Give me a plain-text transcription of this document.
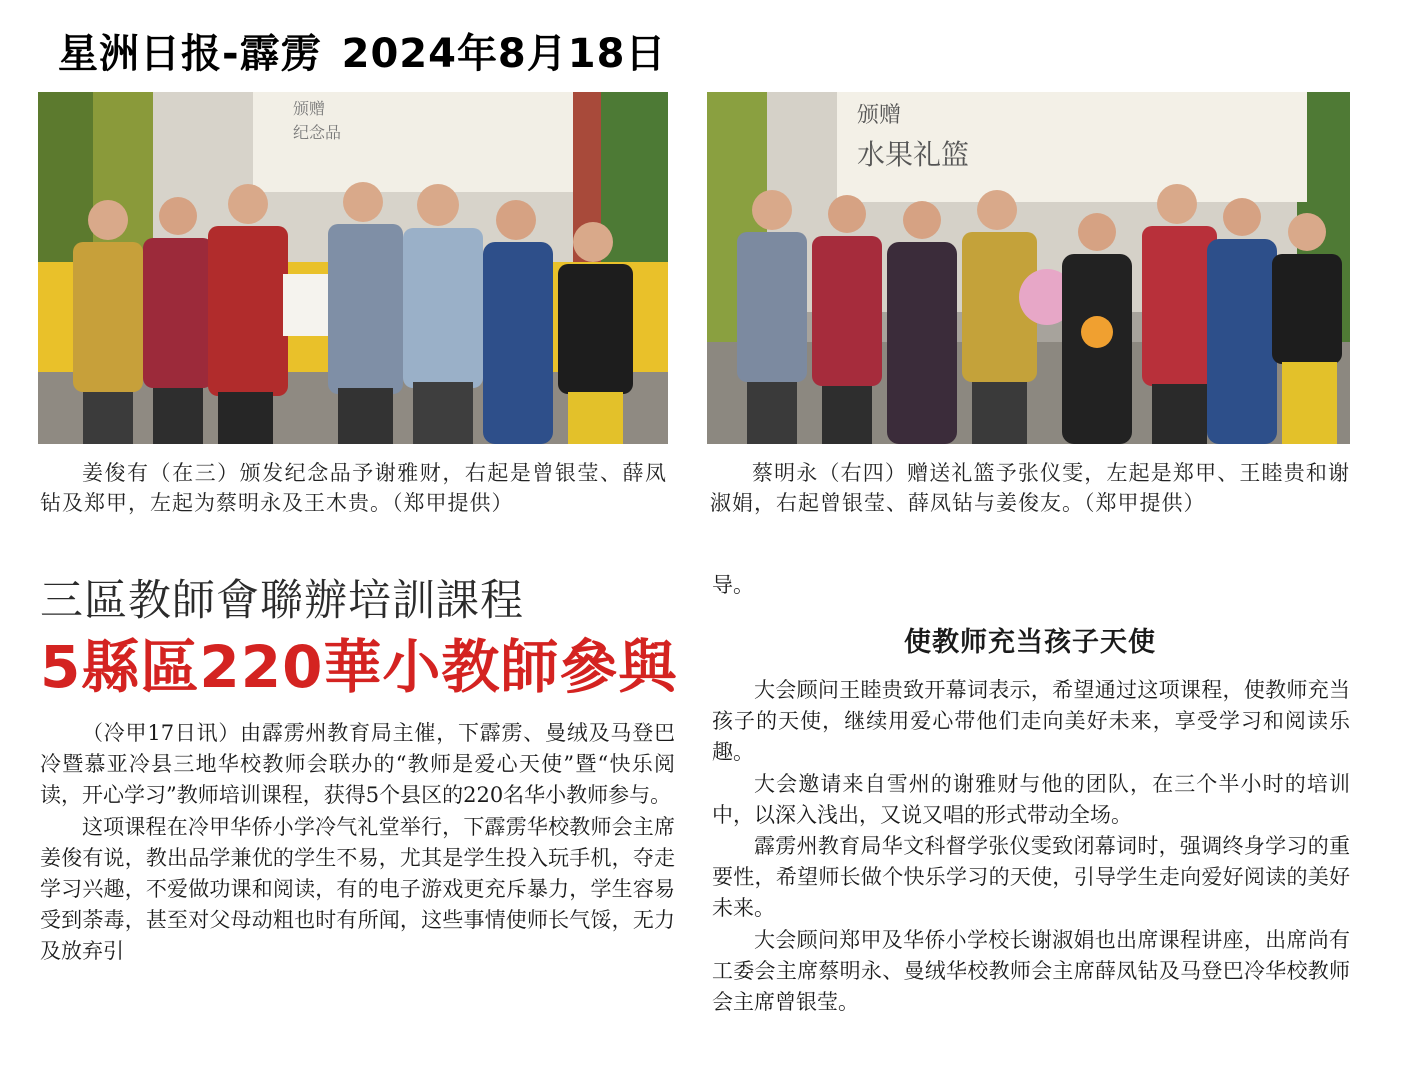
星洲日报-霹雳 2024年8月18日
颁赠
纪念品
颁赠
水果礼篮
姜俊有（在三）颁发纪念品予谢雅财，右起是曾银莹、薛凤钻及郑甲，左起为蔡明永及王木贵。（郑甲提供）
蔡明永（右四）赠送礼篮予张仪雯，左起是郑甲、王睦贵和谢淑娟，右起曾银莹、薛凤钻与姜俊友。（郑甲提供）
三區教師會聯辦培訓課程
5縣區220華小教師參與

（冷甲17日讯）由霹雳州教育局主催，下霹雳、曼绒及马登巴冷暨慕亚冷县三地华校教师会联办的“教师是爱心天使”暨“快乐阅读，开心学习”教师培训课程，获得5个县区的220名华小教师参与。

这项课程在冷甲华侨小学冷气礼堂举行，下霹雳华校教师会主席姜俊有说，教出品学兼优的学生不易，尤其是学生投入玩手机，夺走学习兴趣，不爱做功课和阅读，有的电子游戏更充斥暴力，学生容易受到荼毒，甚至对父母动粗也时有所闻，这些事情使师长气馁，无力及放弃引

导。
使教师充当孩子天使

大会顾问王睦贵致开幕词表示，希望通过这项课程，使教师充当孩子的天使，继续用爱心带他们走向美好未来，享受学习和阅读乐趣。

大会邀请来自雪州的谢雅财与他的团队，在三个半小时的培训中，以深入浅出，又说又唱的形式带动全场。

霹雳州教育局华文科督学张仪雯致闭幕词时，强调终身学习的重要性，希望师长做个快乐学习的天使，引导学生走向爱好阅读的美好未来。

大会顾问郑甲及华侨小学校长谢淑娟也出席课程讲座，出席尚有工委会主席蔡明永、曼绒华校教师会主席薛凤钻及马登巴冷华校教师会主席曾银莹。
